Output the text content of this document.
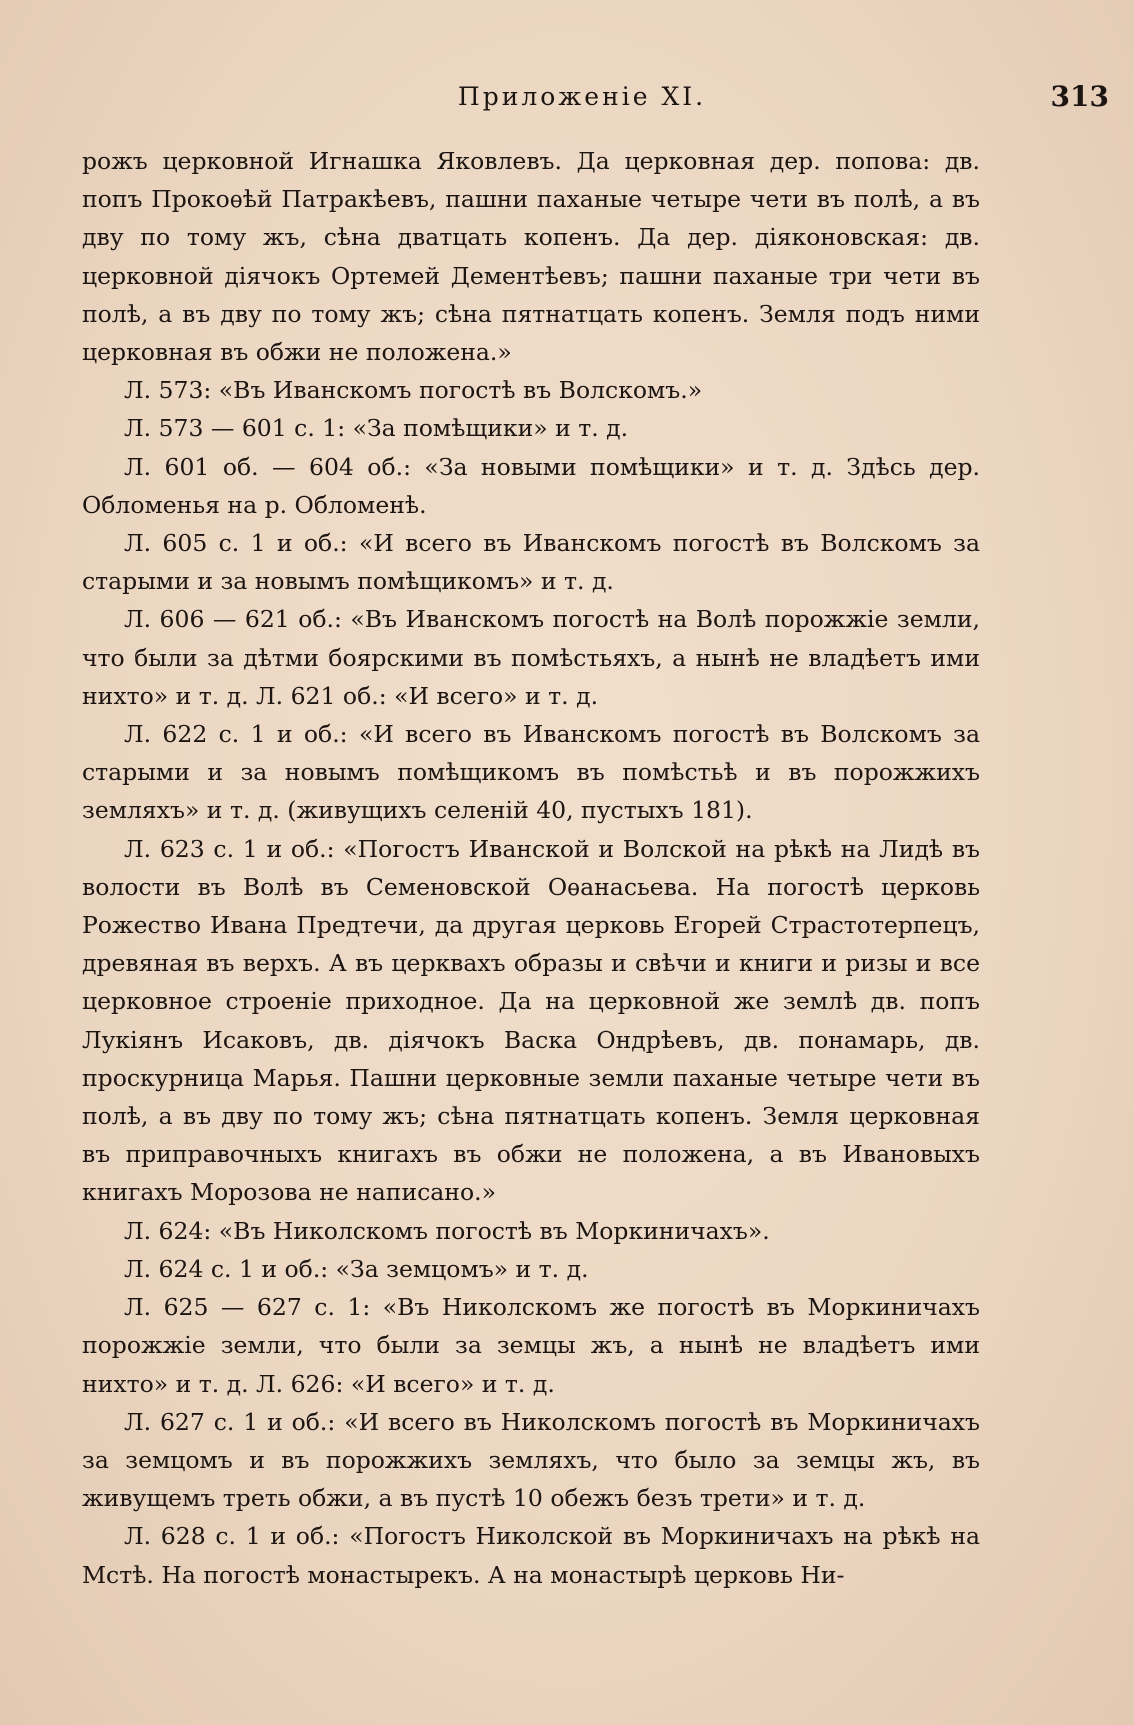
Приложеніе XI.	313

рожъ церковной Игнашка Яковлевъ. Да церковная дер. попова: дв. попъ Прокоѳѣй Патракѣевъ, пашни паханые четыре чети въ полѣ, а въ дву по тому жъ, сѣна дватцать копенъ. Да дер. діяконовская: дв. церковной діячокъ Ортемей Дементѣевъ; пашни паханые три чети въ полѣ, а въ дву по тому жъ; сѣна пятнатцать копенъ. Земля подъ ними церковная въ обжи не положена.»

Л. 573: «Въ Иванскомъ погостѣ въ Волскомъ.»

Л. 573 — 601 с. 1: «За помѣщики» и т. д.

Л. 601 об. — 604 об.: «За новыми помѣщики» и т. д. Здѣсь дер. Обломенья на р. Обломенѣ.

Л. 605 с. 1 и об.: «И всего въ Иванскомъ погостѣ въ Волскомъ за старыми и за новымъ помѣщикомъ» и т. д.

Л. 606 — 621 об.: «Въ Иванскомъ погостѣ на Волѣ порожжіе земли, что были за дѣтми боярскими въ помѣстьяхъ, а нынѣ не владѣетъ ими нихто» и т. д. Л. 621 об.: «И всего» и т. д.

Л. 622 с. 1 и об.: «И всего въ Иванскомъ погостѣ въ Волскомъ за старыми и за новымъ помѣщикомъ въ помѣстьѣ и въ порожжихъ земляхъ» и т. д. (живущихъ селеній 40, пустыхъ 181).

Л. 623 с. 1 и об.: «Погостъ Иванской и Волской на рѣкѣ на Лидѣ въ волости въ Волѣ въ Семеновской Оѳанасьева. На погостѣ церковь Рожество Ивана Предтечи, да другая церковь Егорей Страстотерпецъ, древяная въ верхъ. А въ церквахъ образы и свѣчи и книги и ризы и все церковное строеніе приходное. Да на церковной же землѣ дв. попъ Лукіянъ Исаковъ, дв. діячокъ Васка Ондрѣевъ, дв. понамарь, дв. проскурница Марья. Пашни церковные земли паханые четыре чети въ полѣ, а въ дву по тому жъ; сѣна пятнатцать копенъ. Земля церковная въ приправочныхъ книгахъ въ обжи не положена, а въ Ивановыхъ книгахъ Морозова не написано.»

Л. 624: «Въ Николскомъ погостѣ въ Моркиничахъ».

Л. 624 с. 1 и об.: «За земцомъ» и т. д.

Л. 625 — 627 с. 1: «Въ Николскомъ же погостѣ въ Моркиничахъ порожжіе земли, что были за земцы жъ, а нынѣ не владѣетъ ими нихто» и т. д. Л. 626: «И всего» и т. д.

Л. 627 с. 1 и об.: «И всего въ Николскомъ погостѣ въ Моркиничахъ за земцомъ и въ порожжихъ земляхъ, что было за земцы жъ, въ живущемъ треть обжи, а въ пустѣ 10 обежъ безъ трети» и т. д.

Л. 628 с. 1 и об.: «Погостъ Николской въ Моркиничахъ на рѣкѣ на Мстѣ. На погостѣ монастырекъ. А на монастырѣ церковь Ни-
